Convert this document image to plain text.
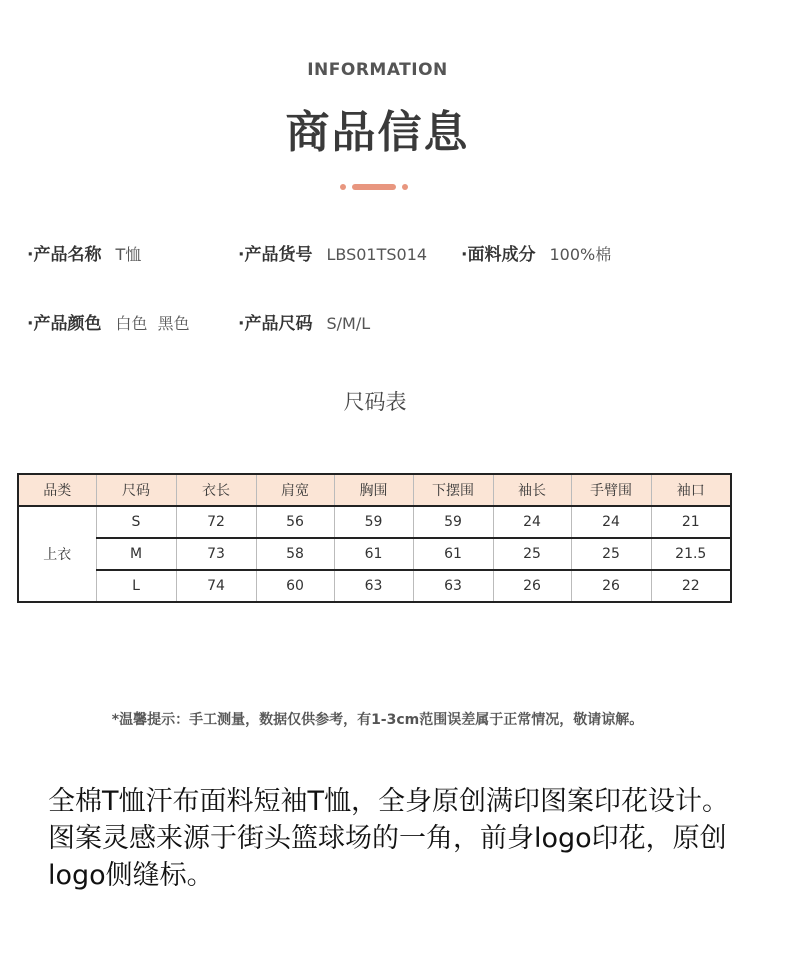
INFORMATION
商品信息
·产品名称 T恤	·产品货号 LBS01TS014 ·面料成分 100%棉
·产品颜色 白色  黑色	·产品尺码 S/M/L
尺码表
品类	尺码	衣长	肩宽	胸围	下摆围	袖长	手臂围	袖口
上衣	S	72	56	59	59	24	24	21
	M	73	58	61	61	25	25	21.5
	L	74	60	63	63	26	26	22
*温馨提示：手工测量，数据仅供参考，有1-3cm范围误差属于正常情况，敬请谅解。
全棉T恤汗布面料短袖T恤，全身原创满印图案印花设计。图案灵感来源于街头篮球场的一角，前身logo印花，原创logo侧缝标。
